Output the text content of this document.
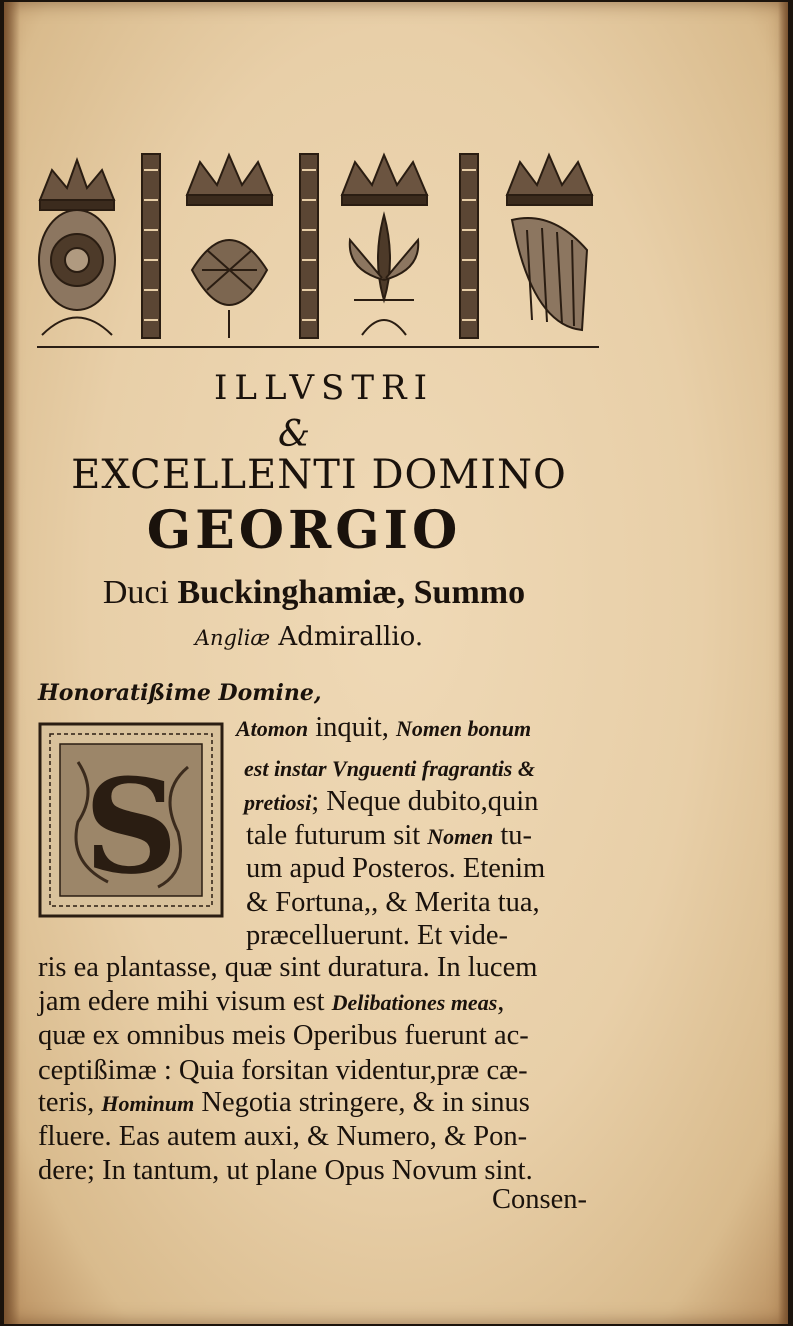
ILLVSTRI
&
EXCELLENTI DOMINO
GEORGIO
Duci Buckinghamiæ, Summo
Angliæ Admirallio.
Honoratißime Domine,
S
Atomon inquit, Nomen bonum
est instar Vnguenti fragrantis &
pretiosi; Neque dubito,quin
tale futurum sit Nomen tu-
um apud Posteros. Etenim
& Fortuna,, & Merita tua,
præcelluerunt. Et vide-
ris ea plantasse, quæ sint duratura. In lucem
jam edere mihi visum est Delibationes meas,
quæ ex omnibus meis Operibus fuerunt ac-
ceptißimæ : Quia forsitan videntur,præ cæ-
teris, Hominum Negotia stringere, & in sinus
fluere. Eas autem auxi, & Numero, & Pon-
dere; In tantum, ut plane Opus Novum sint.
Consen-
